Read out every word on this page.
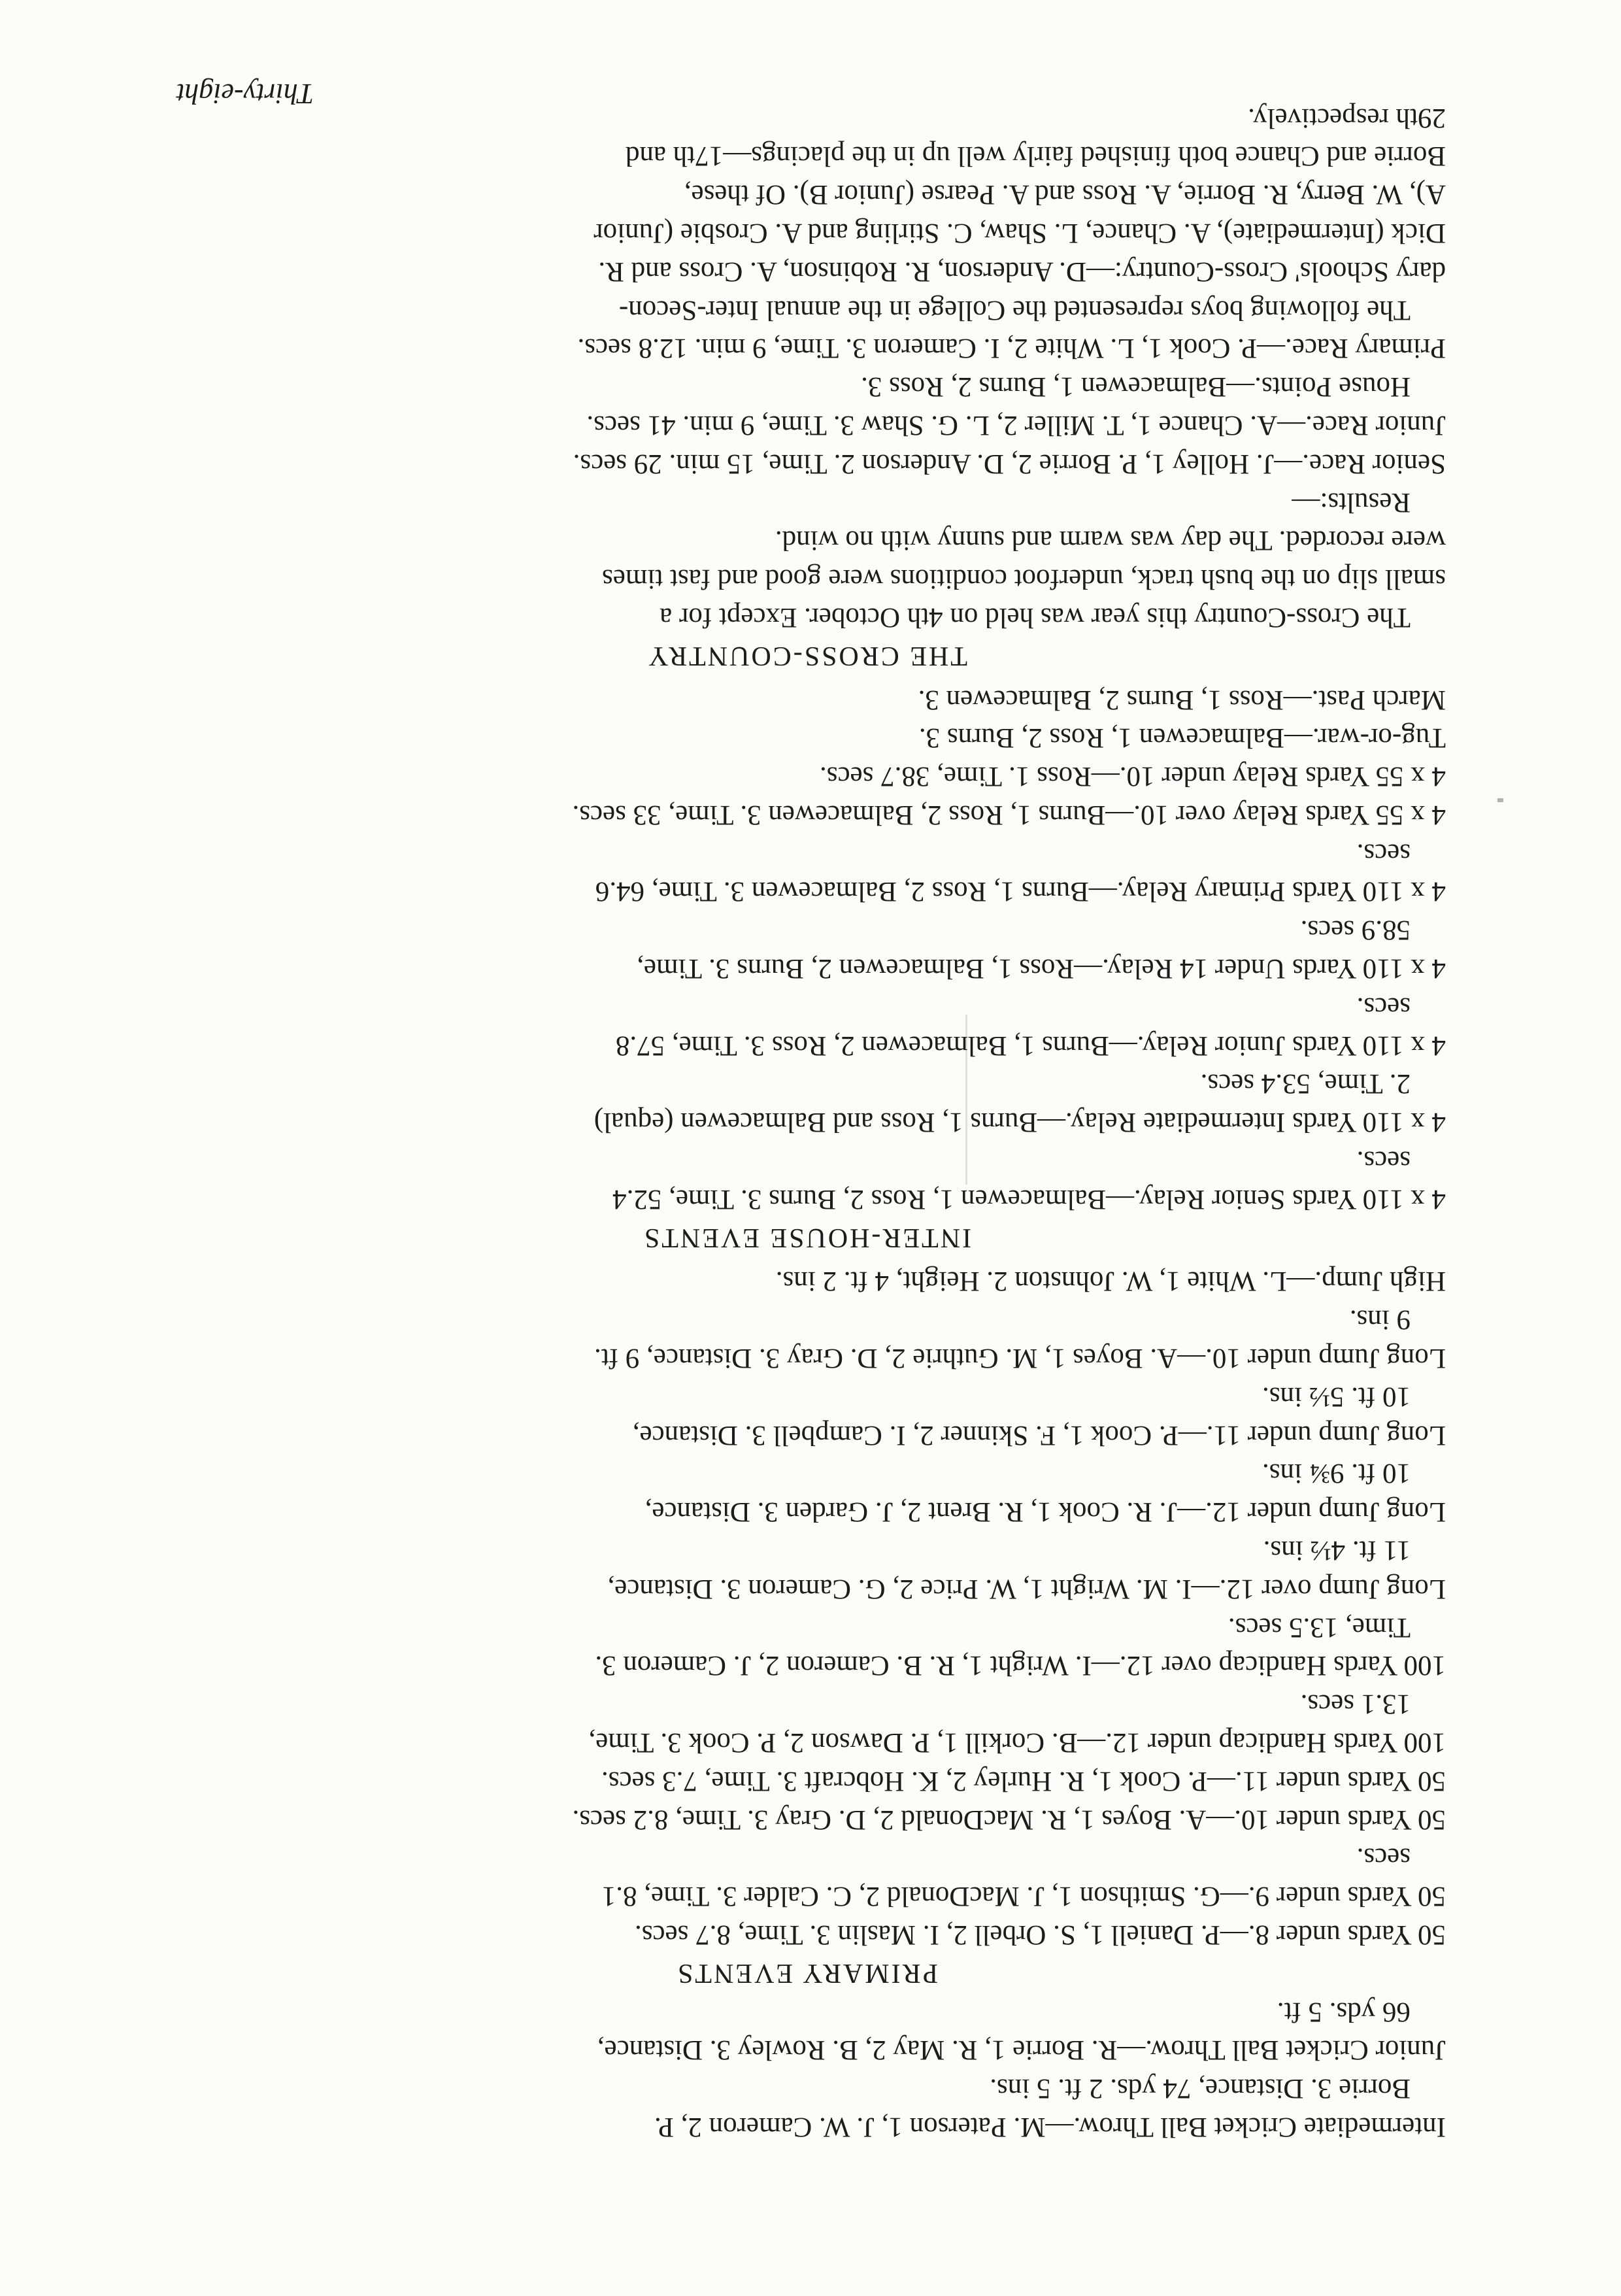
Intermediate Cricket Ball Throw.—M. Paterson 1, J. W. Cameron 2, P.
Borrie 3. Distance, 74 yds. 2 ft. 5 ins.
Junior Cricket Ball Throw.—R. Borrie 1, R. May 2, B. Rowley 3. Distance,
66 yds. 5 ft.
PRIMARY EVENTS
50 Yards under 8.—P. Daniell 1, S. Orbell 2, I. Maslin 3. Time, 8.7 secs.
50 Yards under 9.—G. Smithson 1, J. MacDonald 2, C. Calder 3. Time, 8.1
secs.
50 Yards under 10.—A. Boyes 1, R. MacDonald 2, D. Gray 3. Time, 8.2 secs.
50 Yards under 11.—P. Cook 1, R. Hurley 2, K. Hobcraft 3. Time, 7.3 secs.
100 Yards Handicap under 12.—B. Corkill 1, P. Dawson 2, P. Cook 3. Time,
13.1 secs.
100 Yards Handicap over 12.—I. Wright 1, R. B. Cameron 2, J. Cameron 3.
Time, 13.5 secs.
Long Jump over 12.—I. M. Wright 1, W. Price 2, G. Cameron 3. Distance,
11 ft. 4½ ins.
Long Jump under 12.—J. R. Cook 1, R. Brent 2, J. Garden 3. Distance,
10 ft. 9¾ ins.
Long Jump under 11.—P. Cook 1, F. Skinner 2, I. Campbell 3. Distance,
10 ft. 5½ ins.
Long Jump under 10.—A. Boyes 1, M. Guthrie 2, D. Gray 3. Distance, 9 ft.
9 ins.
High Jump.—L. White 1, W. Johnston 2. Height, 4 ft. 2 ins.
INTER-HOUSE EVENTS
4 x 110 Yards Senior Relay.—Balmacewen 1, Ross 2, Burns 3. Time, 52.4
secs.
4 x 110 Yards Intermediate Relay.—Burns 1, Ross and Balmacewen (equal)
2. Time, 53.4 secs.
4 x 110 Yards Junior Relay.—Burns 1, Balmacewen 2, Ross 3. Time, 57.8
secs.
4 x 110 Yards Under 14 Relay.—Ross 1, Balmacewen 2, Burns 3. Time,
58.9 secs.
4 x 110 Yards Primary Relay.—Burns 1, Ross 2, Balmacewen 3. Time, 64.6
secs.
4 x 55 Yards Relay over 10.—Burns 1, Ross 2, Balmacewen 3. Time, 33 secs.
4 x 55 Yards Relay under 10.—Ross 1. Time, 38.7 secs.
Tug-or-war.—Balmacewen 1, Ross 2, Burns 3.
March Past.—Ross 1, Burns 2, Balmacewen 3.
THE CROSS-COUNTRY
The Cross-Country this year was held on 4th October. Except for a
small slip on the bush track, underfoot conditions were good and fast times
were recorded. The day was warm and sunny with no wind.
Results:—
Senior Race.—J. Holley 1, P. Borrie 2, D. Anderson 2. Time, 15 min. 29 secs.
Junior Race.—A. Chance 1, T. Miller 2, L. G. Shaw 3. Time, 9 min. 41 secs.
House Points.—Balmacewen 1, Burns 2, Ross 3.
Primary Race.—P. Cook 1, L. White 2, I. Cameron 3. Time, 9 min. 12.8 secs.
The following boys represented the College in the annual Inter-Secon-
dary Schools' Cross-Country:—D. Anderson, R. Robinson, A. Cross and R.
Dick (Intermediate), A. Chance, L. Shaw, C. Stirling and A. Crosbie (Junior
A), W. Berry, R. Borrie, A. Ross and A. Pearse (Junior B). Of these,
Borrie and Chance both finished fairly well up in the placings—17th and
29th respectively.
Thirty-eight
